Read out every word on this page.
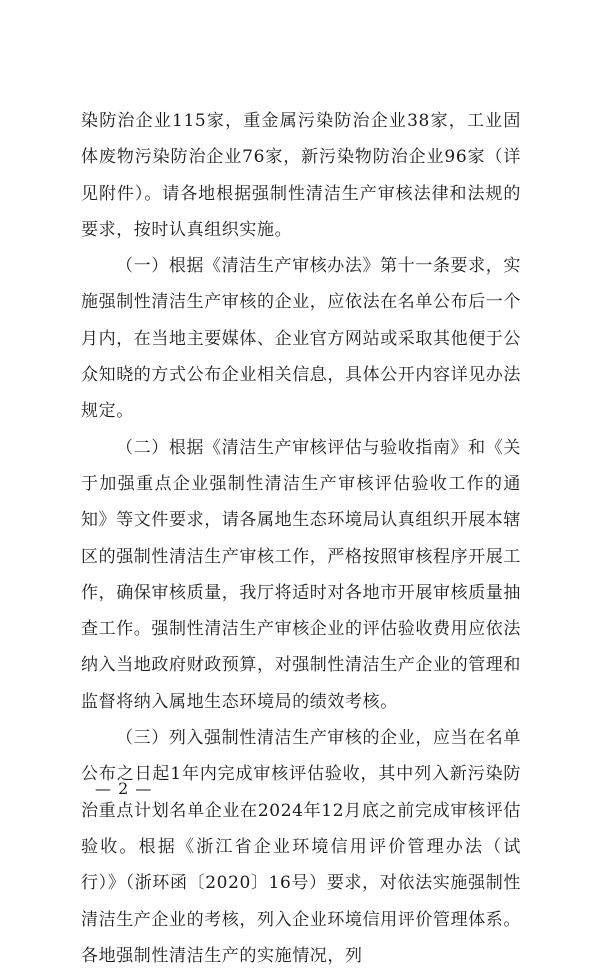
染防治企业115家，重金属污染防治企业38家，工业固体废物污染防治企业76家，新污染物防治企业96家（详见附件）。请各地根据强制性清洁生产审核法律和法规的要求，按时认真组织实施。

（一）根据《清洁生产审核办法》第十一条要求，实施强制性清洁生产审核的企业，应依法在名单公布后一个月内，在当地主要媒体、企业官方网站或采取其他便于公众知晓的方式公布企业相关信息，具体公开内容详见办法规定。

（二）根据《清洁生产审核评估与验收指南》和《关于加强重点企业强制性清洁生产审核评估验收工作的通知》等文件要求，请各属地生态环境局认真组织开展本辖区的强制性清洁生产审核工作，严格按照审核程序开展工作，确保审核质量，我厅将适时对各地市开展审核质量抽查工作。强制性清洁生产审核企业的评估验收费用应依法纳入当地政府财政预算，对强制性清洁生产企业的管理和监督将纳入属地生态环境局的绩效考核。

（三）列入强制性清洁生产审核的企业，应当在名单公布之日起1年内完成审核评估验收，其中列入新污染防治重点计划名单企业在2024年12月底之前完成审核评估验收。根据《浙江省企业环境信用评价管理办法（试行）》（浙环函〔2020〕16号）要求，对依法实施强制性清洁生产企业的考核，列入企业环境信用评价管理体系。各地强制性清洁生产的实施情况，列

— 2 —
